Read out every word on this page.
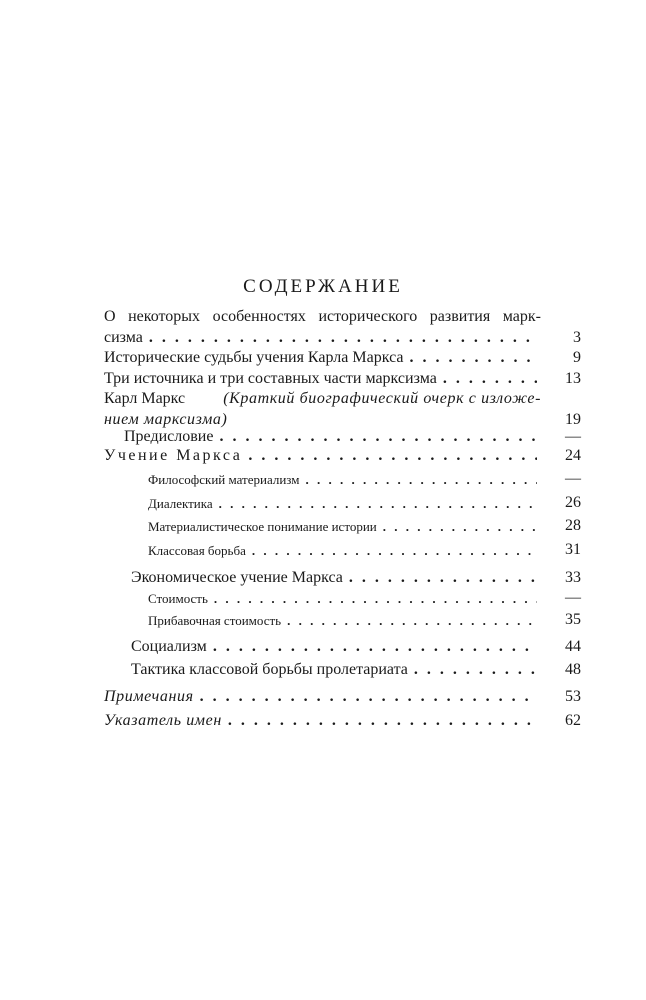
СОДЕРЖАНИЕ
О некоторых особенностях исторического развития марк-
сизма . . .	3
Исторические судьбы учения Карла Маркса . . .	9
Три источника и три составных части марксизма . . .	13
Карл Маркс (Краткий биографический очерк с изложе-
нием марксизма)	19
Предисловие . . .	—
Учение Маркса . . .	24
Философский материализм . . .	—
Диалектика . . .	26
Материалистическое понимание истории . . .	28
Классовая борьба . . .	31
Экономическое учение Маркса . . .	33
Стоимость . . .	—
Прибавочная стоимость . . .	35
Социализм . . .	44
Тактика классовой борьбы пролетариата . . .	48
Примечания . . .	53
Указатель имен . . .	62
